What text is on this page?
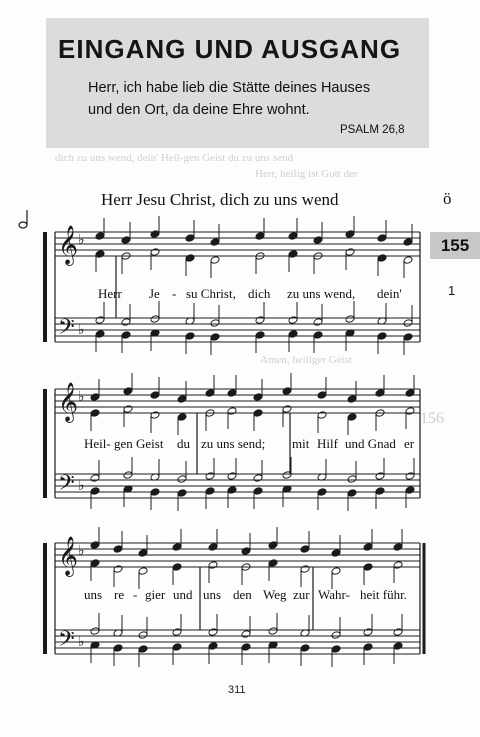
dich zu uns wend, dein' Heil-gen Geist du zu uns send
Herr, heilig ist Gott der
Amen, heiliger Geist
156
EINGANG UND AUSGANG
Herr, ich habe lieb die Stätte deines Hauses
und den Ort, da deine Ehre wohnt.
PSALM 26,8
Herr Jesu Christ, dich zu uns wend	ö
155
1
𝄞
𝄢
𝄞
𝄢
𝄞
𝄢
♭
♭
♭
♭
♭
♭
Herr Je - su Christ, dich zu uns wend, dein'
Heil- gen Geist du zu uns send; mit Hilf und Gnad er
uns re - gier und uns den Weg zur Wahr- heit führ.
311
